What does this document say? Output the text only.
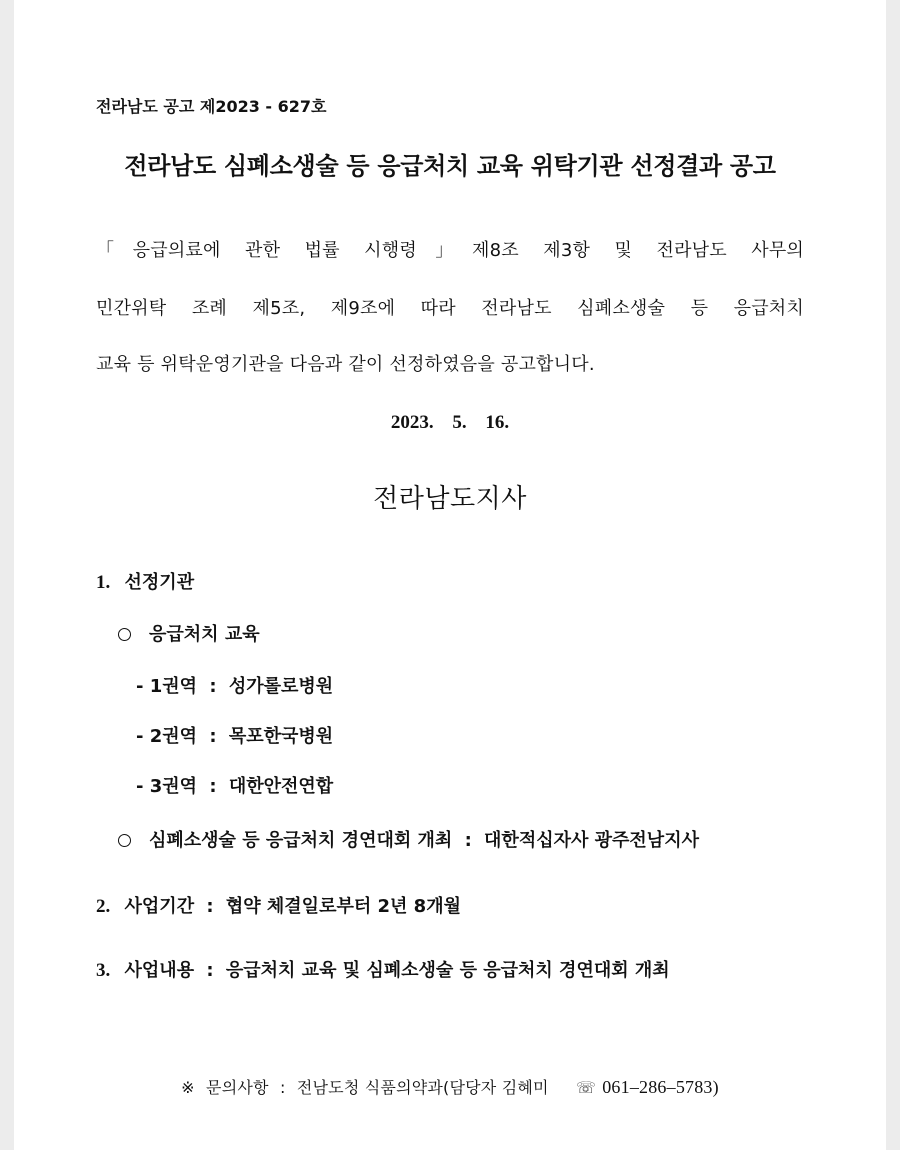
전라남도 공고 제2023 - 627호
전라남도 심폐소생술 등 응급처치 교육 위탁기관 선정결과 공고
「응급의료에 관한 법률 시행령」제8조 제3항 및 전라남도 사무의
민간위탁 조례 제5조, 제9조에 따라 전라남도 심폐소생술 등 응급처치
교육 등 위탁운영기관을 다음과 같이 선정하였음을 공고합니다.
2023. 5. 16.
전라남도지사
1. 선정기관
응급처치 교육
- 1권역 : 성가롤로병원
- 2권역 : 목포한국병원
- 3권역 : 대한안전연합
심폐소생술 등 응급처치 경연대회 개최 : 대한적십자사 광주전남지사
2. 사업기간 : 협약 체결일로부터 2년 8개월
3. 사업내용 : 응급처치 교육 및 심폐소생술 등 응급처치 경연대회 개최
※ 문의사항 : 전남도청 식품의약과(담당자 김혜미 ☏ 061–286–5783)
